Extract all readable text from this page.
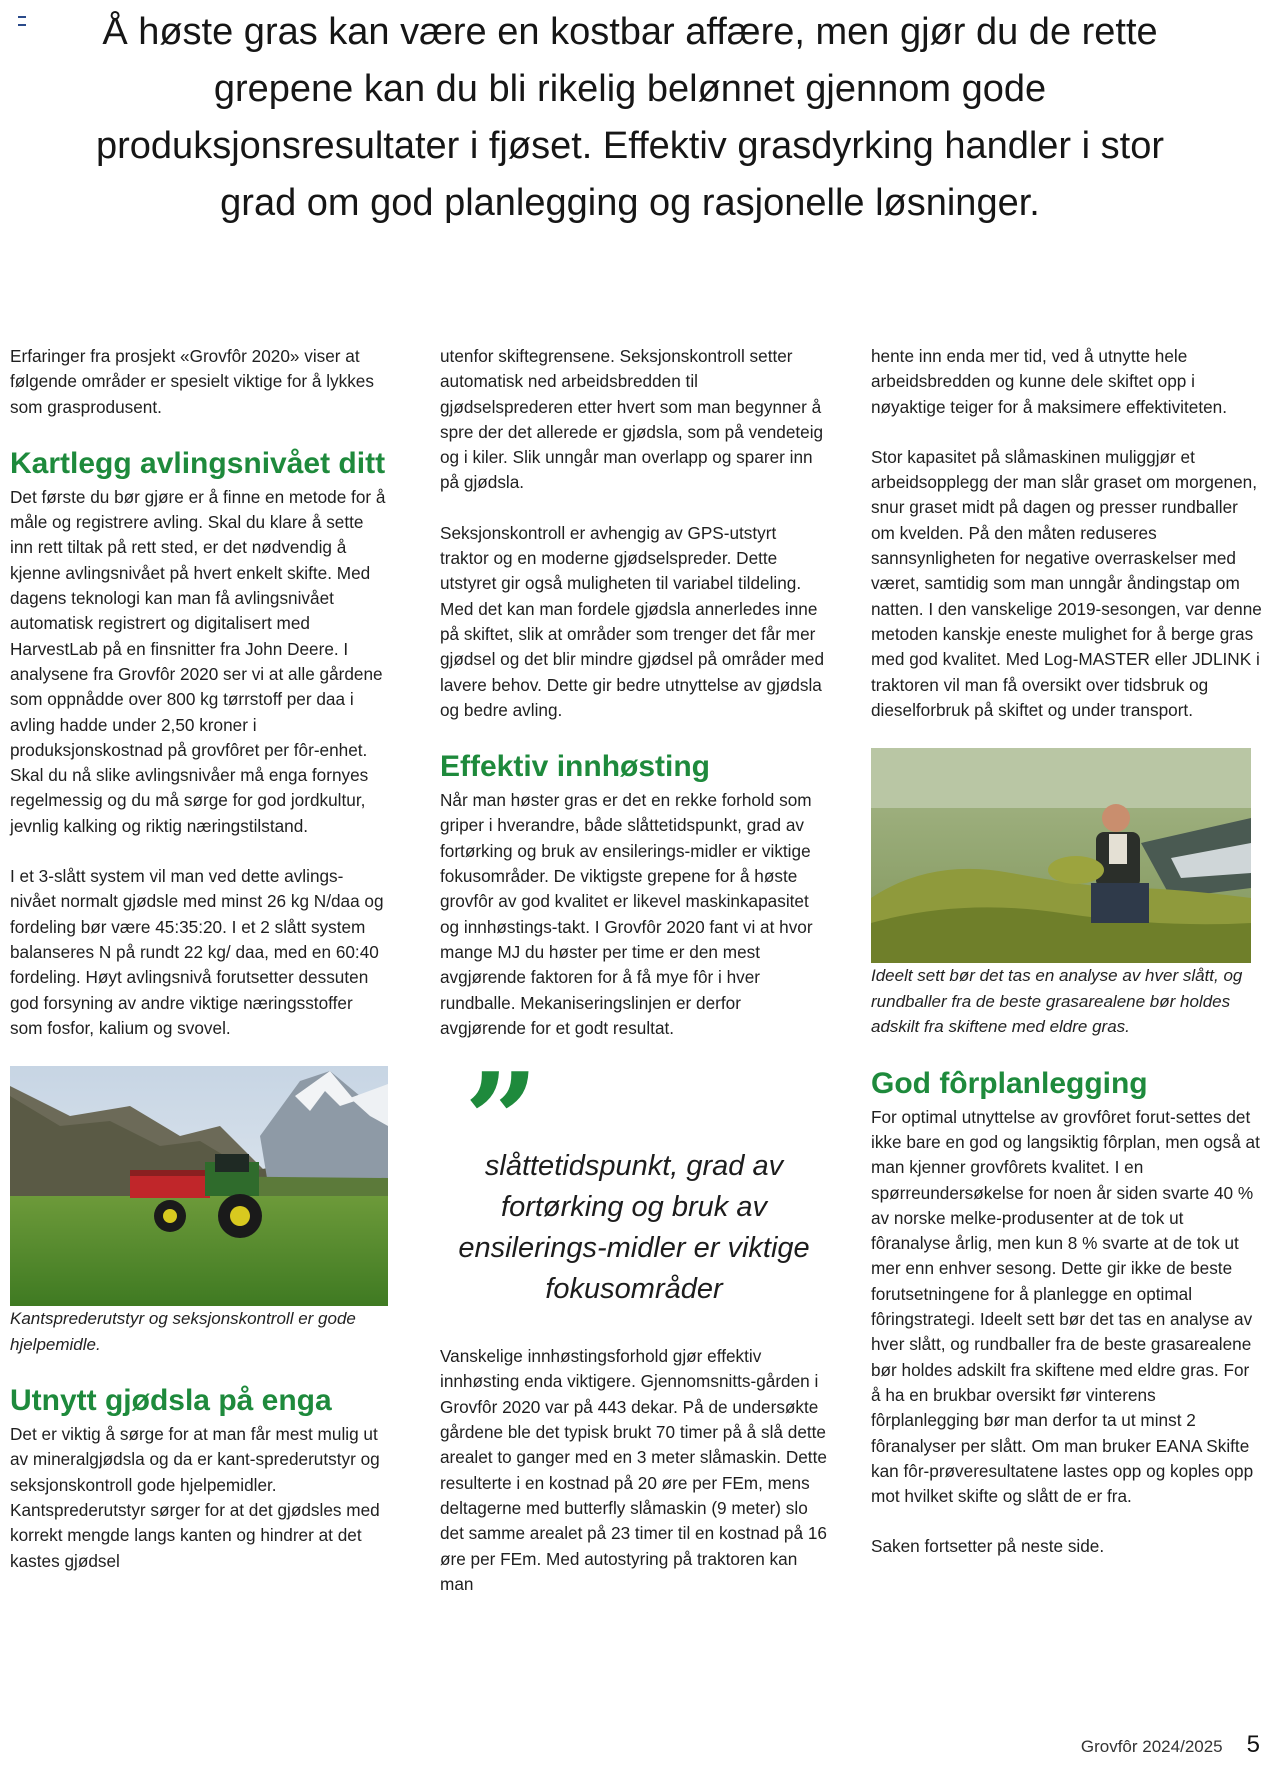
Å høste gras kan være en kostbar affære, men gjør du de rette grepene kan du bli rikelig belønnet gjennom gode produksjonsresultater i fjøset. Effektiv grasdyrking handler i stor grad om god planlegging og rasjonelle løsninger.

Erfaringer fra prosjekt «Grovfôr 2020» viser at følgende områder er spesielt viktige for å lykkes som grasprodusent.

Kartlegg avlingsnivået ditt

Det første du bør gjøre er å finne en metode for å måle og registrere avling. Skal du klare å sette inn rett tiltak på rett sted, er det nødvendig å kjenne avlingsnivået på hvert enkelt skifte. Med dagens teknologi kan man få avlingsnivået automatisk registrert og digitalisert med HarvestLab på en finsnitter fra John Deere. I analysene fra Grovfôr 2020 ser vi at alle gårdene som oppnådde over 800 kg tørrstoff per daa i avling hadde under 2,50 kroner i produksjonskostnad på grovfôret per fôr-enhet. Skal du nå slike avlingsnivåer må enga fornyes regelmessig og du må sørge for god jordkultur, jevnlig kalking og riktig næringstilstand.

I et 3-slått system vil man ved dette avlings-nivået normalt gjødsle med minst 26 kg N/daa og fordeling bør være 45:35:20. I et 2 slått system balanseres N på rundt 22 kg/ daa, med en 60:40 fordeling. Høyt avlingsnivå forutsetter dessuten god forsyning av andre viktige næringsstoffer som fosfor, kalium og svovel.

Kantsprederutstyr og seksjonskontroll er gode hjelpemidle.

Utnytt gjødsla på enga

Det er viktig å sørge for at man får mest mulig ut av mineralgjødsla og da er kant-sprederutstyr og seksjonskontroll gode hjelpemidler. Kantsprederutstyr sørger for at det gjødsles med korrekt mengde langs kanten og hindrer at det kastes gjødsel

utenfor skiftegrensene. Seksjonskontroll setter automatisk ned arbeidsbredden til gjødselsprederen etter hvert som man begynner å spre der det allerede er gjødsla, som på vendeteig og i kiler. Slik unngår man overlapp og sparer inn på gjødsla.

Seksjonskontroll er avhengig av GPS-utstyrt traktor og en moderne gjødselspreder. Dette utstyret gir også muligheten til variabel tildeling. Med det kan man fordele gjødsla annerledes inne på skiftet, slik at områder som trenger det får mer gjødsel og det blir mindre gjødsel på områder med lavere behov. Dette gir bedre utnyttelse av gjødsla og bedre avling.

Effektiv innhøsting

Når man høster gras er det en rekke forhold som griper i hverandre, både slåttetidspunkt, grad av fortørking og bruk av ensilerings-midler er viktige fokusområder. De viktigste grepene for å høste grovfôr av god kvalitet er likevel maskinkapasitet og innhøstings-takt. I Grovfôr 2020 fant vi at hvor mange MJ du høster per time er den mest avgjørende faktoren for å få mye fôr i hver rundballe. Mekaniseringslinjen er derfor avgjørende for et godt resultat.

”

slåttetidspunkt, grad av fortørking og bruk av ensilerings-midler er viktige fokusområder

Vanskelige innhøstingsforhold gjør effektiv innhøsting enda viktigere. Gjennomsnitts-gården i Grovfôr 2020 var på 443 dekar. På de undersøkte gårdene ble det typisk brukt 70 timer på å slå dette arealet to ganger med en 3 meter slåmaskin. Dette resulterte i en kostnad på 20 øre per FEm, mens deltagerne med butterfly slåmaskin (9 meter) slo det samme arealet på 23 timer til en kostnad på 16 øre per FEm. Med autostyring på traktoren kan man

hente inn enda mer tid, ved å utnytte hele arbeidsbredden og kunne dele skiftet opp i nøyaktige teiger for å maksimere effektiviteten.

Stor kapasitet på slåmaskinen muliggjør et arbeidsopplegg der man slår graset om morgenen, snur graset midt på dagen og presser rundballer om kvelden. På den måten reduseres sannsynligheten for negative overraskelser med været, samtidig som man unngår åndingstap om natten. I den vanskelige 2019-sesongen, var denne metoden kanskje eneste mulighet for å berge gras med god kvalitet. Med Log-MASTER eller JDLINK i traktoren vil man få oversikt over tidsbruk og dieselforbruk på skiftet og under transport.

Ideelt sett bør det tas en analyse av hver slått, og rundballer fra de beste grasarealene bør holdes adskilt fra skiftene med eldre gras.

God fôrplanlegging

For optimal utnyttelse av grovfôret forut-settes det ikke bare en god og langsiktig fôrplan, men også at man kjenner grovfôrets kvalitet. I en spørreundersøkelse for noen år siden svarte 40 % av norske melke-produsenter at de tok ut fôranalyse årlig, men kun 8 % svarte at de tok ut mer enn enhver sesong. Dette gir ikke de beste forutsetningene for å planlegge en optimal fôringstrategi. Ideelt sett bør det tas en analyse av hver slått, og rundballer fra de beste grasarealene bør holdes adskilt fra skiftene med eldre gras. For å ha en brukbar oversikt før vinterens fôrplanlegging bør man derfor ta ut minst 2 fôranalyser per slått. Om man bruker EANA Skifte kan fôr-prøveresultatene lastes opp og koples opp mot hvilket skifte og slått de er fra.

Saken fortsetter på neste side.

Grovfôr 2024/2025 5
